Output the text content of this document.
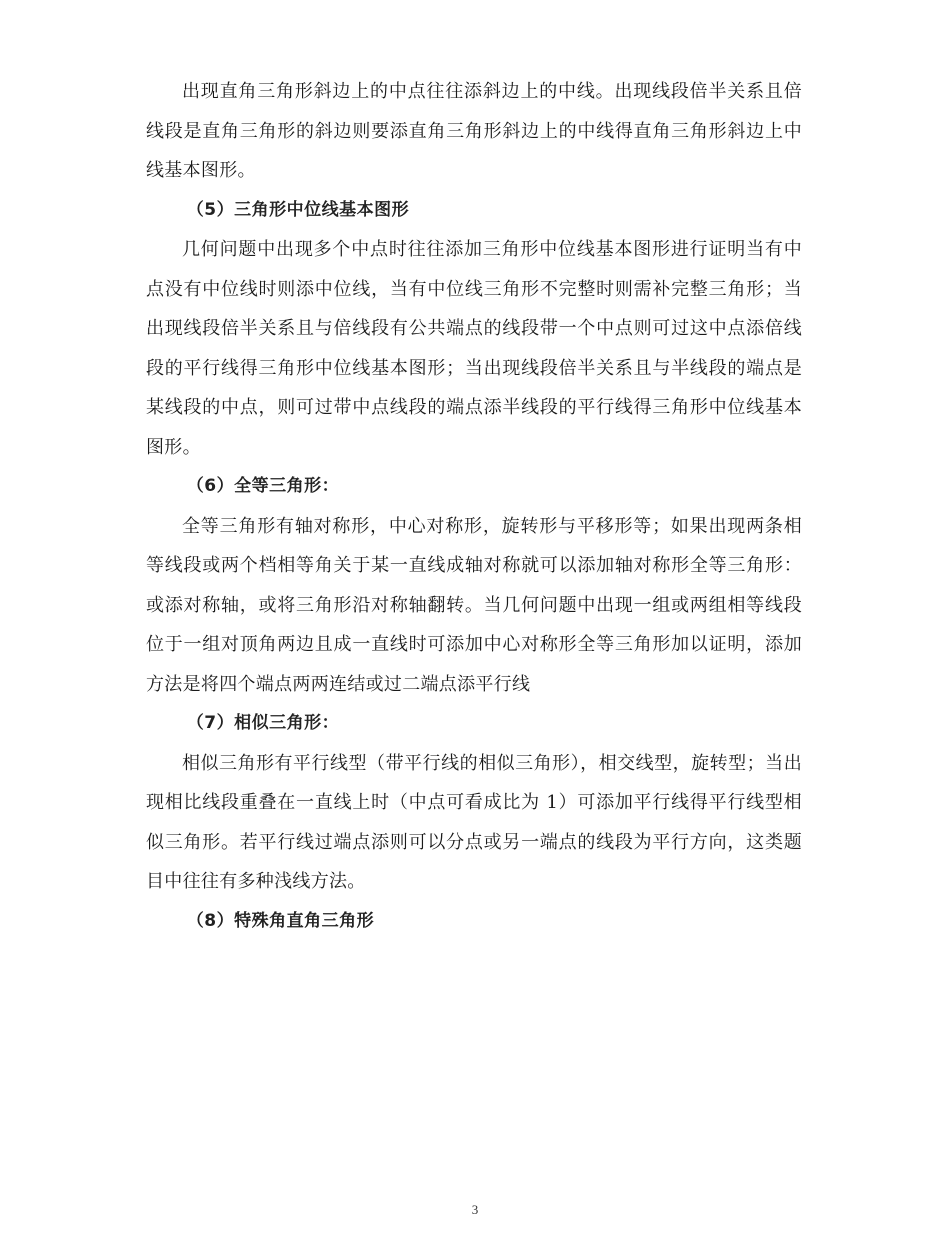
出现直角三角形斜边上的中点往往添斜边上的中线。出现线段倍半关系且倍线段是直角三角形的斜边则要添直角三角形斜边上的中线得直角三角形斜边上中线基本图形。

（5）三角形中位线基本图形

几何问题中出现多个中点时往往添加三角形中位线基本图形进行证明当有中点没有中位线时则添中位线，当有中位线三角形不完整时则需补完整三角形；当出现线段倍半关系且与倍线段有公共端点的线段带一个中点则可过这中点添倍线段的平行线得三角形中位线基本图形；当出现线段倍半关系且与半线段的端点是某线段的中点，则可过带中点线段的端点添半线段的平行线得三角形中位线基本图形。

（6）全等三角形：

全等三角形有轴对称形，中心对称形，旋转形与平移形等；如果出现两条相等线段或两个档相等角关于某一直线成轴对称就可以添加轴对称形全等三角形：或添对称轴，或将三角形沿对称轴翻转。当几何问题中出现一组或两组相等线段位于一组对顶角两边且成一直线时可添加中心对称形全等三角形加以证明，添加方法是将四个端点两两连结或过二端点添平行线

（7）相似三角形：

相似三角形有平行线型（带平行线的相似三角形），相交线型，旋转型；当出现相比线段重叠在一直线上时（中点可看成比为 1）可添加平行线得平行线型相似三角形。若平行线过端点添则可以分点或另一端点的线段为平行方向，这类题目中往往有多种浅线方法。

（8）特殊角直角三角形

3
